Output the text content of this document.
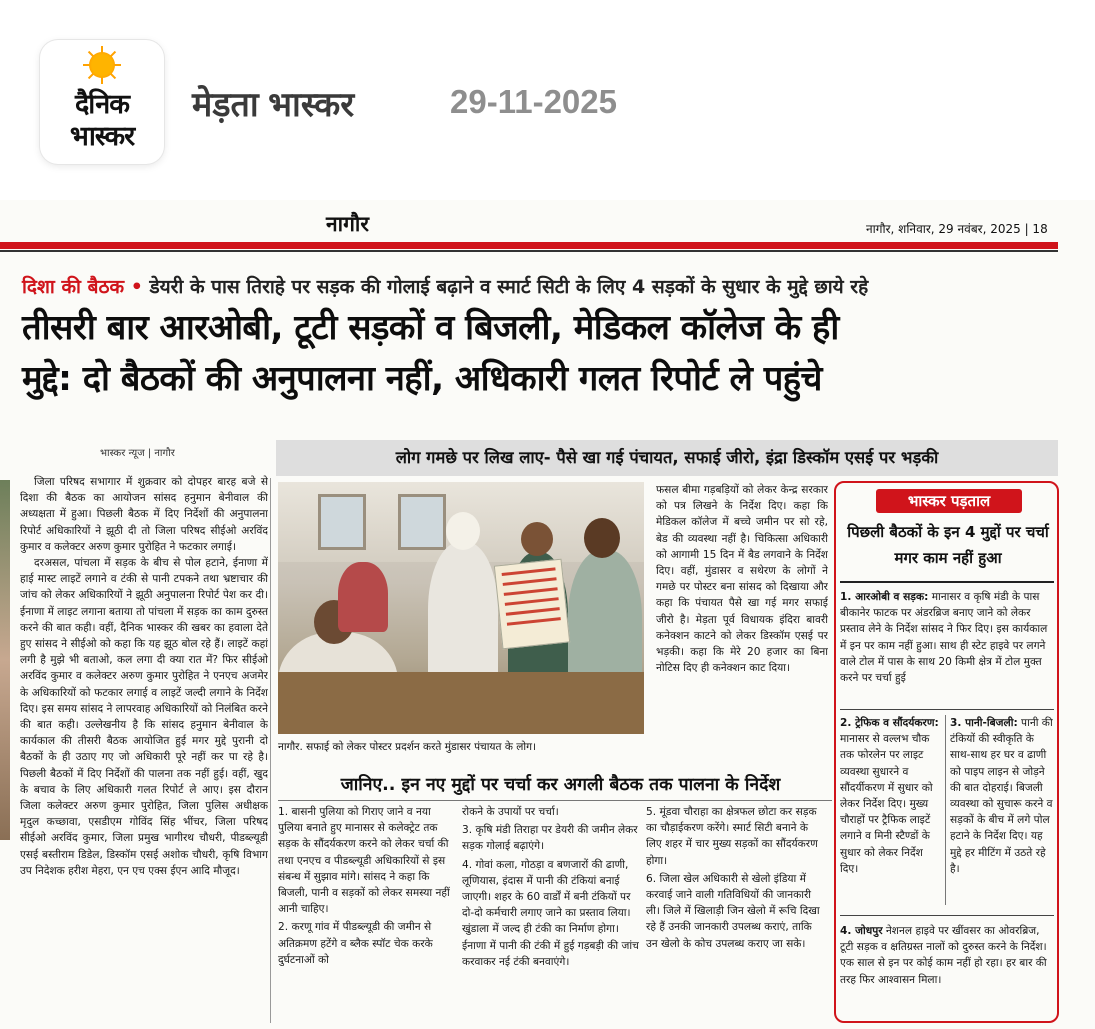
दैनिक
भास्कर
मेड़ता भास्कर	29-11-2025
नागौर	नागौर, शनिवार, 29 नवंबर, 2025 | 18
दिशा की बैठक • डेयरी के पास तिराहे पर सड़क की गोलाई बढ़ाने व स्मार्ट सिटी के लिए 4 सड़कों के सुधार के मुद्दे छाये रहे
तीसरी बार आरओबी, टूटी सड़कों व बिजली, मेडिकल कॉलेज के ही
मुद्दे: दो बैठकों की अनुपालना नहीं, अधिकारी गलत रिपोर्ट ले पहुंचे
भास्कर न्यूज | नागौर	लोग गमछे पर लिख लाए- पैसे खा गई पंचायत, सफाई जीरो, इंद्रा डिस्कॉम एसई पर भड़की

जिला परिषद सभागार में शुक्रवार को दोपहर बारह बजे से दिशा की बैठक का आयोजन सांसद हनुमान बेनीवाल की अध्यक्षता में हुआ। पिछली बैठक में दिए निर्देशों की अनुपालना रिपोर्ट अधिकारियों ने झूठी दी तो जिला परिषद सीईओ अरविंद कुमार व कलेक्टर अरुण कुमार पुरोहित ने फटकार लगाई।

दरअसल, पांचला में सड़क के बीच से पोल हटाने, ईनाणा में हाई मास्ट लाइटें लगाने व टंकी से पानी टपकने तथा भ्रष्टाचार की जांच को लेकर अधिकारियों ने झूठी अनुपालना रिपोर्ट पेश कर दी। ईनाणा में लाइट लगाना बताया तो पांचला में सड़क का काम दुरुस्त करने की बात कही। वहीं, दैनिक भास्कर की खबर का हवाला देते हुए सांसद ने सीईओ को कहा कि यह झूठ बोल रहे हैं। लाइटें कहां लगी है मुझे भी बताओ, कल लगा दी क्या रात में? फिर सीईओ अरविंद कुमार व कलेक्टर अरुण कुमार पुरोहित ने एनएच अजमेर के अधिकारियों को फटकार लगाई व लाइटें जल्दी लगाने के निर्देश दिए। इस समय सांसद ने लापरवाह अधिकारियों को निलंबित करने की बात कही। उल्लेखनीय है कि सांसद हनुमान बेनीवाल के कार्यकाल की तीसरी बैठक आयोजित हुई मगर मुद्दे पुरानी दो बैठकों के ही उठाए गए जो अधिकारी पूरे नहीं कर पा रहे है। पिछली बैठकों में दिए निर्देशों की पालना तक नहीं हुई। वहीं, खुद के बचाव के लिए अधिकारी गलत रिपोर्ट ले आए। इस दौरान जिला कलेक्टर अरुण कुमार पुरोहित, जिला पुलिस अधीक्षक मृदुल कच्छावा, एसडीएम गोविंद सिंह भींचर, जिला परिषद सीईओ अरविंद कुमार, जिला प्रमुख भागीरथ चौधरी, पीडब्ल्यूडी एसई बस्तीराम डिडेल, डिस्कॉम एसई अशोक चौधरी, कृषि विभाग उप निदेशक हरीश मेहरा, एन एच एक्स ईएन आदि मौजूद।

नागौर. सफाई को लेकर पोस्टर प्रदर्शन करते मुंडासर पंचायत के लोग।

फसल बीमा गड़बड़ियों को लेकर केन्द्र सरकार को पत्र लिखने के निर्देश दिए। कहा कि मेडिकल कॉलेज में बच्चे जमीन पर सो रहे, बेड की व्यवस्था नहीं है। चिकित्सा अधिकारी को आगामी 15 दिन में बैड लगवाने के निर्देश दिए। वहीं, मुंडासर व सथेरण के लोगों ने गमछे पर पोस्टर बना सांसद को दिखाया और कहा कि पंचायत पैसे खा गई मगर सफाई जीरो है। मेड़ता पूर्व विधायक इंदिरा बावरी कनेक्शन काटने को लेकर डिस्कॉम एसई पर भड़की। कहा कि मेरे 20 हजार का बिना नोटिस दिए ही कनेक्शन काट दिया।

जानिए.. इन नए मुद्दों पर चर्चा कर अगली बैठक तक पालना के निर्देश

1. बासनी पुलिया को गिराए जाने व नया पुलिया बनाते हुए मानासर से कलेक्ट्रेट तक सड़क के सौंदर्यकरण करने को लेकर चर्चा की तथा एनएच व पीडब्ल्यूडी अधिकारियों से इस संबन्ध में सुझाव मांगे। सांसद ने कहा कि बिजली, पानी व सड़कों को लेकर समस्या नहीं आनी चाहिए।

2. करणू गांव में पीडब्ल्यूडी की जमीन से अतिक्रमण हटेंगे व ब्लैक स्पॉट चेक करके दुर्घटनाओं को

रोकने के उपायों पर चर्चा।

3. कृषि मंडी तिराहा पर डेयरी की जमीन लेकर सड़क गोलाई बढ़ाएंगे।

4. गोवां कला, गोठड़ा व बणजारों की ढाणी, लूणियास, इंदास में पानी की टंकियां बनाई जाएगी। शहर के 60 वार्डों में बनी टंकियों पर दो-दो कर्मचारी लगाए जाने का प्रस्ताव लिया। खुंडाला में जल्द ही टंकी का निर्माण होगा। ईनाणा में पानी की टंकी में हुई गड़बड़ी की जांच करवाकर नई टंकी बनवाएंगे।

5. मूंडवा चौराहा का क्षेत्रफल छोटा कर सड़क का चौड़ाईकरण करेंगे। स्मार्ट सिटी बनाने के लिए शहर में चार मुख्य सड़कों का सौंदर्यकरण होगा।

6. जिला खेल अधिकारी से खेलो इंडिया में करवाई जाने वाली गतिविधियों की जानकारी ली। जिले में खिलाड़ी जिन खेलो में रूचि दिखा रहे हैं उनकी जानकारी उपलब्ध कराएं, ताकि उन खेलो के कोच उपलब्ध कराए जा सके।

भास्कर पड़ताल
पिछली बैठकों के इन 4 मुद्दों पर चर्चा मगर काम नहीं हुआ
1. आरओबी व सड़क: मानासर व कृषि मंडी के पास बीकानेर फाटक पर अंडरब्रिज बनाए जाने को लेकर प्रस्ताव लेने के निर्देश सांसद ने फिर दिए। इस कार्यकाल में इन पर काम नहीं हुआ। साथ ही स्टेट हाइवे पर लगने वाले टोल में पास के साथ 20 किमी क्षेत्र में टोल मुक्त करने पर चर्चा हुई
2. ट्रेफिक व सौंदर्यकरण: मानासर से वल्लभ चौक तक फोरलेन पर लाइट व्यवस्था सुधारने व सौंदर्यीकरण में सुधार को लेकर निर्देश दिए। मुख्य चौराहों पर ट्रैफिक लाइटें लगाने व मिनी स्टैण्डों के सुधार को लेकर निर्देश दिए।
3. पानी-बिजली: पानी की टंकियों की स्वीकृति के साथ-साथ हर घर व ढाणी को पाइप लाइन से जोड़ने की बात दोहराई। बिजली व्यवस्था को सुचारू करने व सड़कों के बीच में लगे पोल हटाने के निर्देश दिए। यह मुद्दे हर मीटिंग में उठते रहे है।
4. जोधपुर नेशनल हाइवे पर खींवसर का ओवरब्रिज, टूटी सड़क व क्षतिग्रस्त नालों को दुरुस्त करने के निर्देश। एक साल से इन पर कोई काम नहीं हो रहा। हर बार की तरह फिर आश्वासन मिला।
